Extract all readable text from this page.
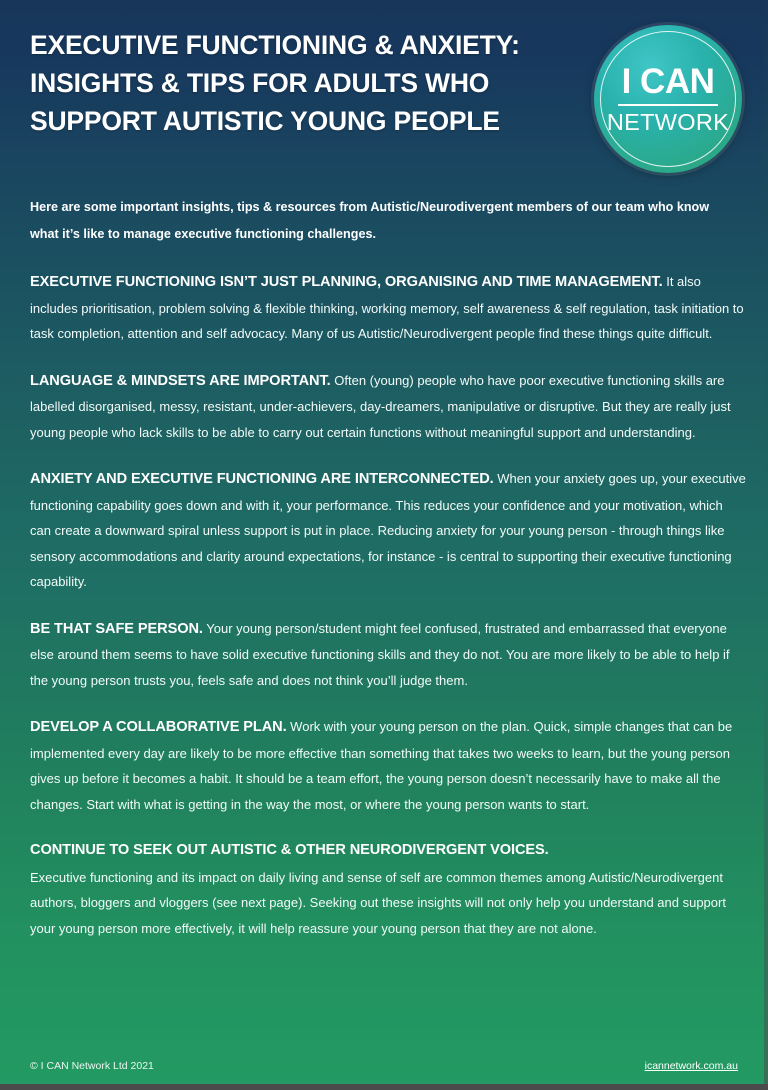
EXECUTIVE FUNCTIONING & ANXIETY: INSIGHTS & TIPS FOR ADULTS WHO SUPPORT AUTISTIC YOUNG PEOPLE
I CAN
NETWORK

Here are some important insights, tips & resources from Autistic/Neurodivergent members of our team who know what it’s like to manage executive functioning challenges.

EXECUTIVE FUNCTIONING ISN’T JUST PLANNING, ORGANISING AND TIME MANAGEMENT. It also includes prioritisation, problem solving & flexible thinking, working memory, self awareness & self regulation, task initiation to task completion, attention and self advocacy. Many of us Autistic/Neurodivergent people find these things quite difficult.

LANGUAGE & MINDSETS ARE IMPORTANT. Often (young) people who have poor executive functioning skills are labelled disorganised, messy, resistant, under-achievers, day-dreamers, manipulative or disruptive. But they are really just young people who lack skills to be able to carry out certain functions without meaningful support and understanding.

ANXIETY AND EXECUTIVE FUNCTIONING ARE INTERCONNECTED. When your anxiety goes up, your executive functioning capability goes down and with it, your performance. This reduces your confidence and your motivation, which can create a downward spiral unless support is put in place. Reducing anxiety for your young person - through things like sensory accommodations and clarity around expectations, for instance - is central to supporting their executive functioning capability.

BE THAT SAFE PERSON. Your young person/student might feel confused, frustrated and embarrassed that everyone else around them seems to have solid executive functioning skills and they do not. You are more likely to be able to help if the young person trusts you, feels safe and does not think you’ll judge them.

DEVELOP A COLLABORATIVE PLAN. Work with your young person on the plan. Quick, simple changes that can be implemented every day are likely to be more effective than something that takes two weeks to learn, but the young person gives up before it becomes a habit. It should be a team effort, the young person doesn’t necessarily have to make all the changes. Start with what is getting in the way the most, or where the young person wants to start.

CONTINUE TO SEEK OUT AUTISTIC & OTHER NEURODIVERGENT VOICES.
Executive functioning and its impact on daily living and sense of self are common themes among Autistic/Neurodivergent authors, bloggers and vloggers (see next page). Seeking out these insights will not only help you understand and support your young person more effectively, it will help reassure your young person that they are not alone.

© I CAN Network Ltd 2021	icannetwork.com.au
